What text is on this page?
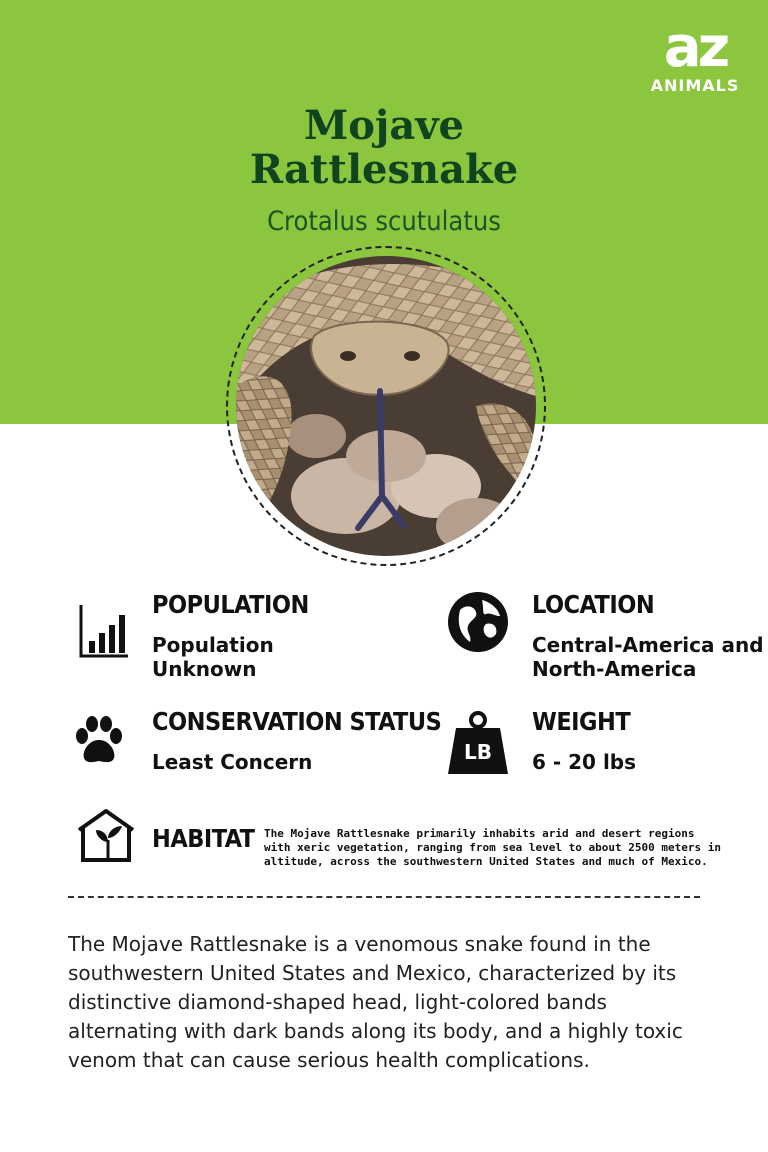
az
ANIMALS
Mojave
Rattlesnake
Crotalus scutulatus
POPULATION
Population
Unknown
LOCATION
Central-America and
North-America
CONSERVATION STATUS
Least Concern	LB
WEIGHT
6 - 20 lbs
HABITAT The Mojave Rattlesnake primarily inhabits arid and desert regions with xeric vegetation, ranging from sea level to about 2500 meters in altitude, across the southwestern United States and much of Mexico.
The Mojave Rattlesnake is a venomous snake found in the southwestern United States and Mexico, characterized by its distinctive diamond-shaped head, light-colored bands alternating with dark bands along its body, and a highly toxic venom that can cause serious health complications.
